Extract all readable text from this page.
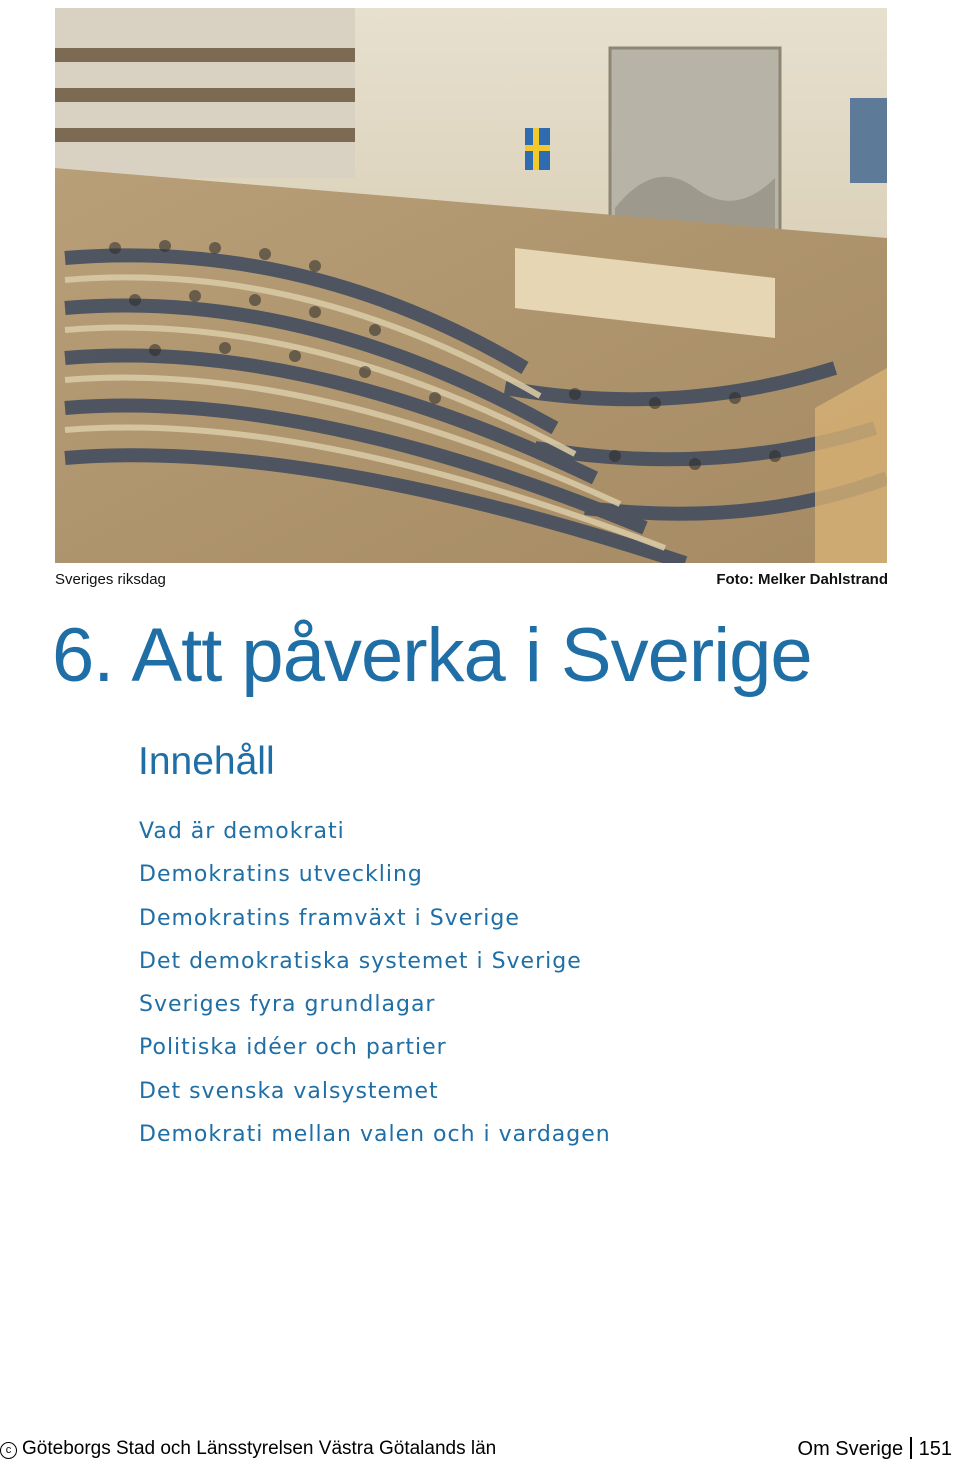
Sveriges riksdag	Foto: Melker Dahlstrand
6. Att påverka i Sverige
Innehåll
Vad är demokrati
Demokratins utveckling
Demokratins framväxt i Sverige
Det demokratiska systemet i Sverige
Sveriges fyra grundlagar
Politiska idéer och partier
Det svenska valsystemet
Demokrati mellan valen och i vardagen
c Göteborgs Stad och Länsstyrelsen Västra Götalands län	Om Sverige 151
